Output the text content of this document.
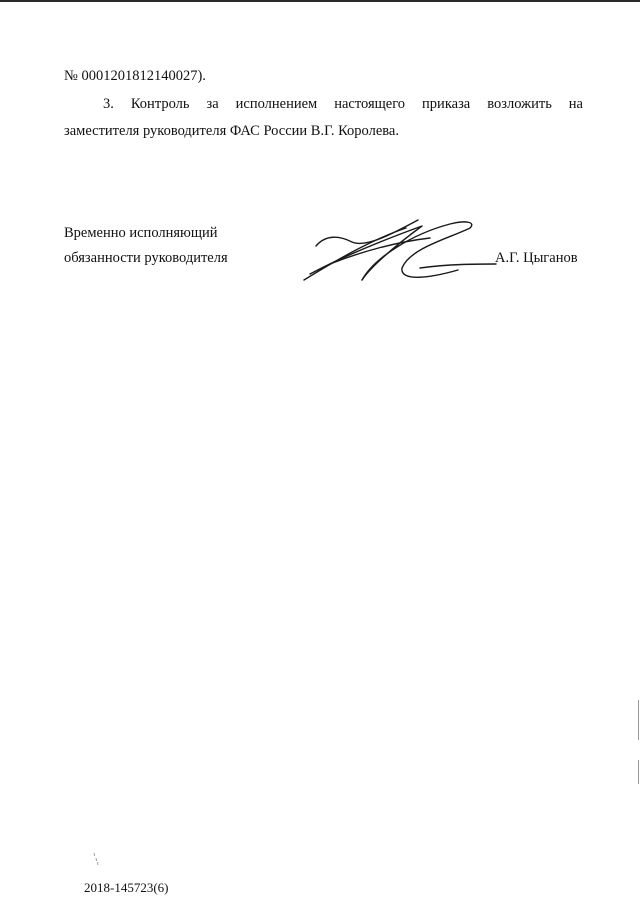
№ 0001201812140027).
3. Контроль за исполнением настоящего приказа возложить на
заместителя руководителя ФАС России В.Г. Королева.
Временно исполняющий
обязанности руководителя	А.Г. Цыганов
2018-145723(6)
